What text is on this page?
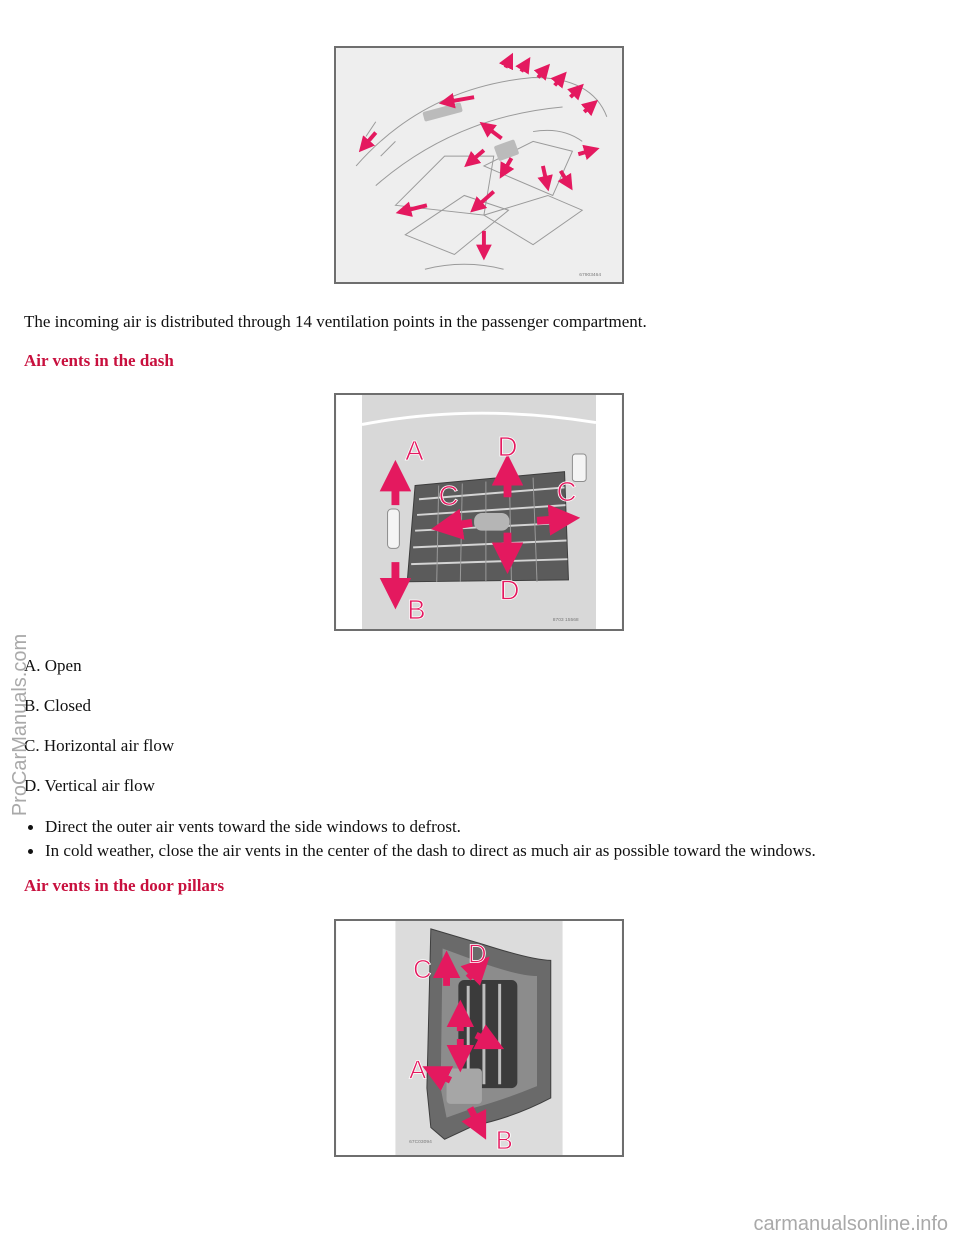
67903464

The incoming air is distributed through 14 ventilation points in the passenger compartment.

Air vents in the dash
A
B
C	C
D
D
8703 15568

A. Open

B. Closed

C. Horizontal air flow

D. Vertical air flow

Direct the outer air vents toward the side windows to defrost.
In cold weather, close the air vents in the center of the dash to direct as much air as possible toward the windows.
Air vents in the door pillars
A
B
C
D
67C03094
ProCarManuals.com
carmanualsonline.info
